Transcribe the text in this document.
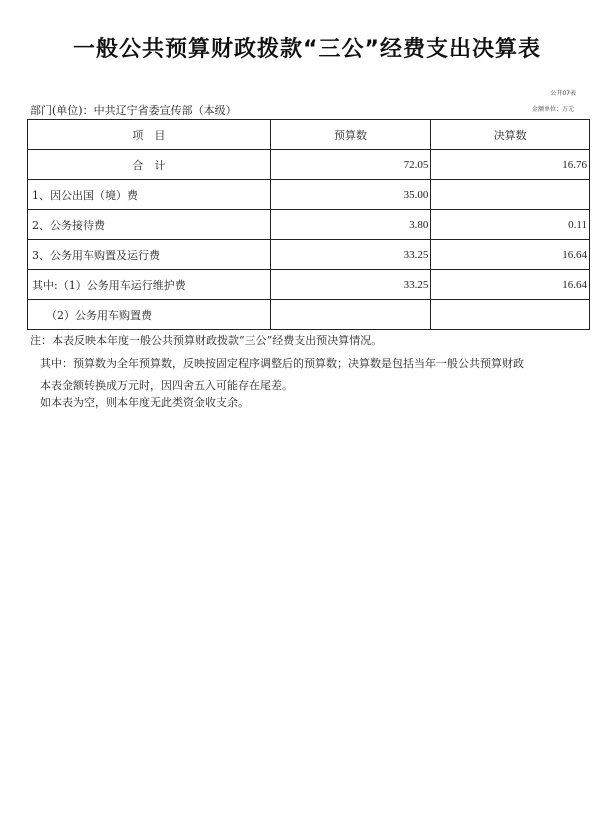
一般公共预算财政拨款“三公”经费支出决算表
公开07表
金额单位：万元
部门(单位)：中共辽宁省委宣传部（本级）
项　目	预算数	决算数
合　计	72.05	16.76
1、因公出国（境）费	35.00	
2、公务接待费	3.80	0.11
3、公务用车购置及运行费	33.25	16.64
其中:（1）公务用车运行维护费	33.25	16.64
（2）公务用车购置费		
注：本表反映本年度一般公共预算财政拨款“三公”经费支出预决算情况。
其中：预算数为全年预算数，反映按固定程序调整后的预算数；决算数是包括当年一般公共预算财政
本表金额转换成万元时，因四舍五入可能存在尾差。
如本表为空，则本年度无此类资金收支余。
